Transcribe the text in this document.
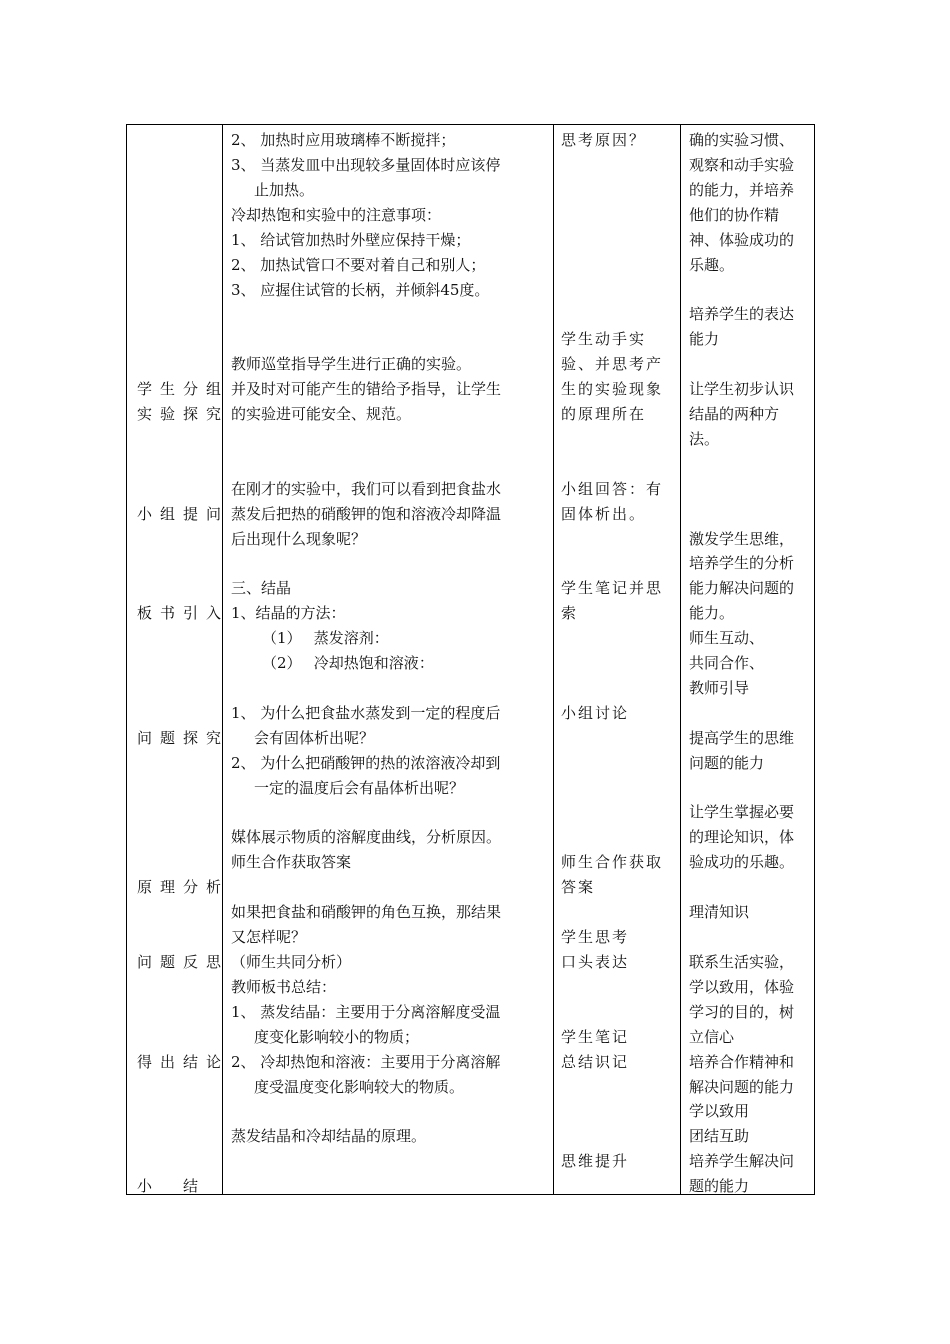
学生分组
实验探究
小组提问
板书引入
问题探究
原理分析
问题反思
得出结论
小　结
2、 加热时应用玻璃棒不断搅拌；
3、 当蒸发皿中出现较多量固体时应该停
止加热。
冷却热饱和实验中的注意事项：
1、 给试管加热时外壁应保持干燥；
2、 加热试管口不要对着自己和别人；
3、 应握住试管的长柄，并倾斜45度。
教师巡堂指导学生进行正确的实验。
并及时对可能产生的错给予指导，让学生
的实验进可能安全、规范。
在刚才的实验中，我们可以看到把食盐水
蒸发后把热的硝酸钾的饱和溶液冷却降温
后出现什么现象呢？
三、结晶
1、结晶的方法：
（1）　 蒸发溶剂：
（2）　 冷却热饱和溶液：
1、 为什么把食盐水蒸发到一定的程度后
会有固体析出呢？
2、 为什么把硝酸钾的热的浓溶液冷却到
一定的温度后会有晶体析出呢？
媒体展示物质的溶解度曲线，分析原因。
师生合作获取答案
如果把食盐和硝酸钾的角色互换，那结果
又怎样呢？
（师生共同分析）
教师板书总结：
1、 蒸发结晶：主要用于分离溶解度受温
度变化影响较小的物质；
2、 冷却热饱和溶液：主要用于分离溶解
度受温度变化影响较大的物质。
蒸发结晶和冷却结晶的原理。
思考原因？
学生动手实
验、并思考产
生的实验现象
的原理所在
小组回答：有
固体析出。
学生笔记并思
索
小组讨论
师生合作获取
答案
学生思考
口头表达
学生笔记
总结识记
思维提升
确的实验习惯、
观察和动手实验
的能力，并培养
他们的协作精
神、体验成功的
乐趣。
培养学生的表达
能力
让学生初步认识
结晶的两种方
法。
激发学生思维，
培养学生的分析
能力解决问题的
能力。
师生互动、
共同合作、
教师引导
提高学生的思维
问题的能力
让学生掌握必要
的理论知识，体
验成功的乐趣。
理清知识
联系生活实验，
学以致用，体验
学习的目的，树
立信心
培养合作精神和
解决问题的能力
学以致用
团结互助
培养学生解决问
题的能力
